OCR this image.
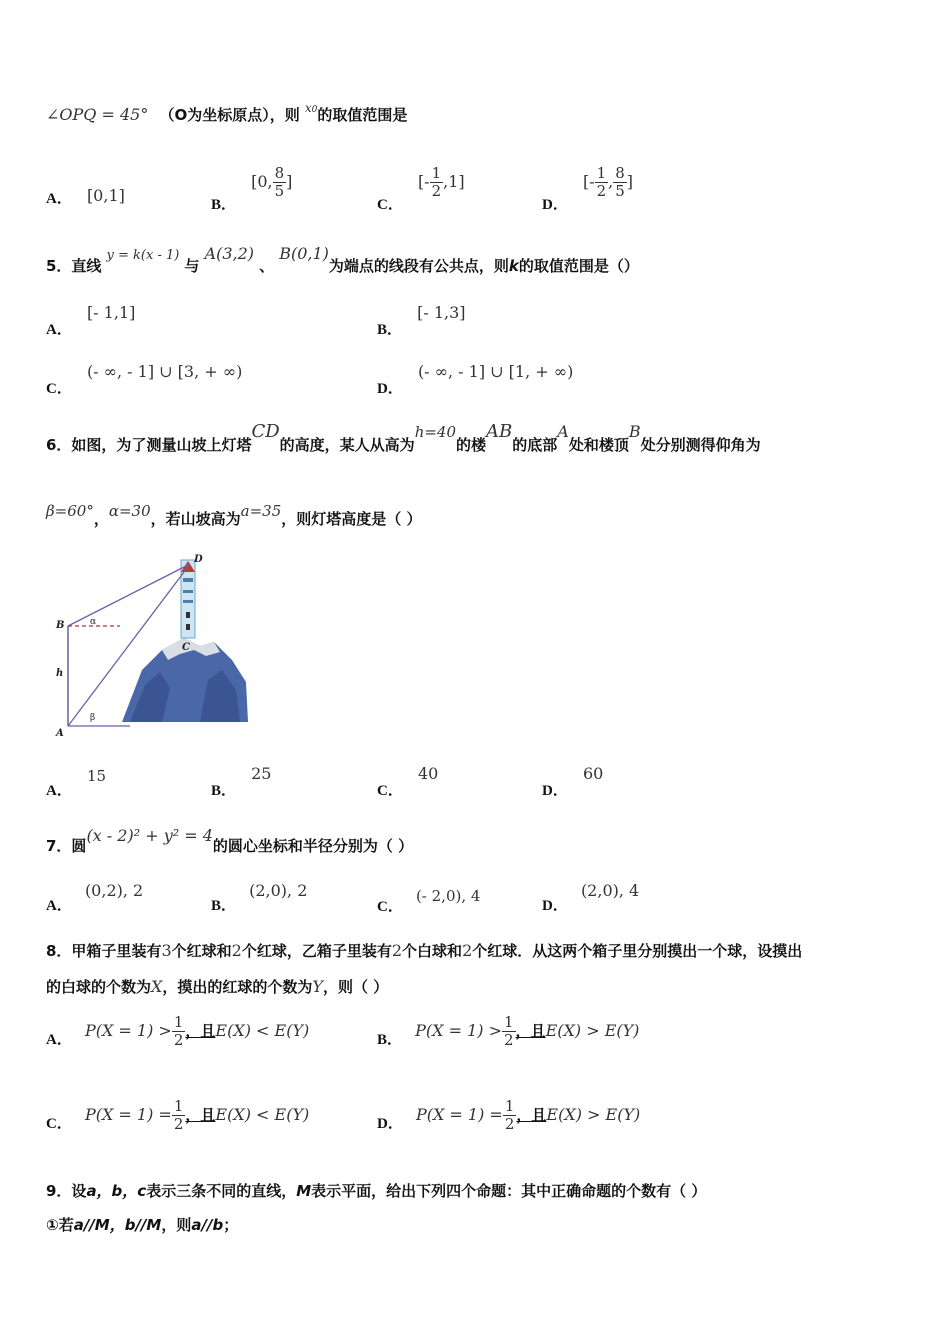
∠OPQ = 45° （O为坐标原点），则 $^{x0}$的取值范围是
A． [0,1]	B． [0, $\frac{8}{5}$ ]
C． [- $\frac{1}{2} ,1$]
D． [- $\frac{1}{2}$ , $\frac{8}{5}$ ]
5．直线 y = k(x - 1) 与 A(3,2) 、 B(0,1)为端点的线段有公共点，则k的取值范围是（）
A． [- 1,1]
B． [- 1,3]
C． (- ∞, - 1] ∪ [3, + ∞)
D． (- ∞, - 1] ∪ [1, + ∞)
6．如图，为了测量山坡上灯塔CD的高度，某人从高为h=40的楼AB的底部A处和楼顶B处分别测得仰角为
β=60°，α=30，若山坡高为a=35，则灯塔高度是（ ）
D
B	α
h
C
β
A
A． 15
B． 25
C． 40
D． 60
7．圆(x - 2)² + y² = 4的圆心坐标和半径分别为（ ）
A． (0,2), 2
B． (2,0), 2
C． (- 2,0), 4
D． (2,0), 4
8．甲箱子里装有3个红球和2个红球，乙箱子里装有2个白球和2个红球．从这两个箱子里分别摸出一个球，设摸出
的白球的个数为X，摸出的红球的个数为Y，则（ ）
A． $P(X = 1) > \frac{1}{2}$ ，且E(X) < E(Y)	B． $P(X = 1) > \frac{1}{2}$ ，且E(X) > E(Y)
C． $P(X = 1) = \frac{1}{2}$ ，且E(X) < E(Y)	D． $P(X = 1) = \frac{1}{2}$ ，且E(X) > E(Y)
9．设a，b，c表示三条不同的直线，M表示平面，给出下列四个命题：其中正确命题的个数有（ ）
①若a//M，b//M，则a//b；
